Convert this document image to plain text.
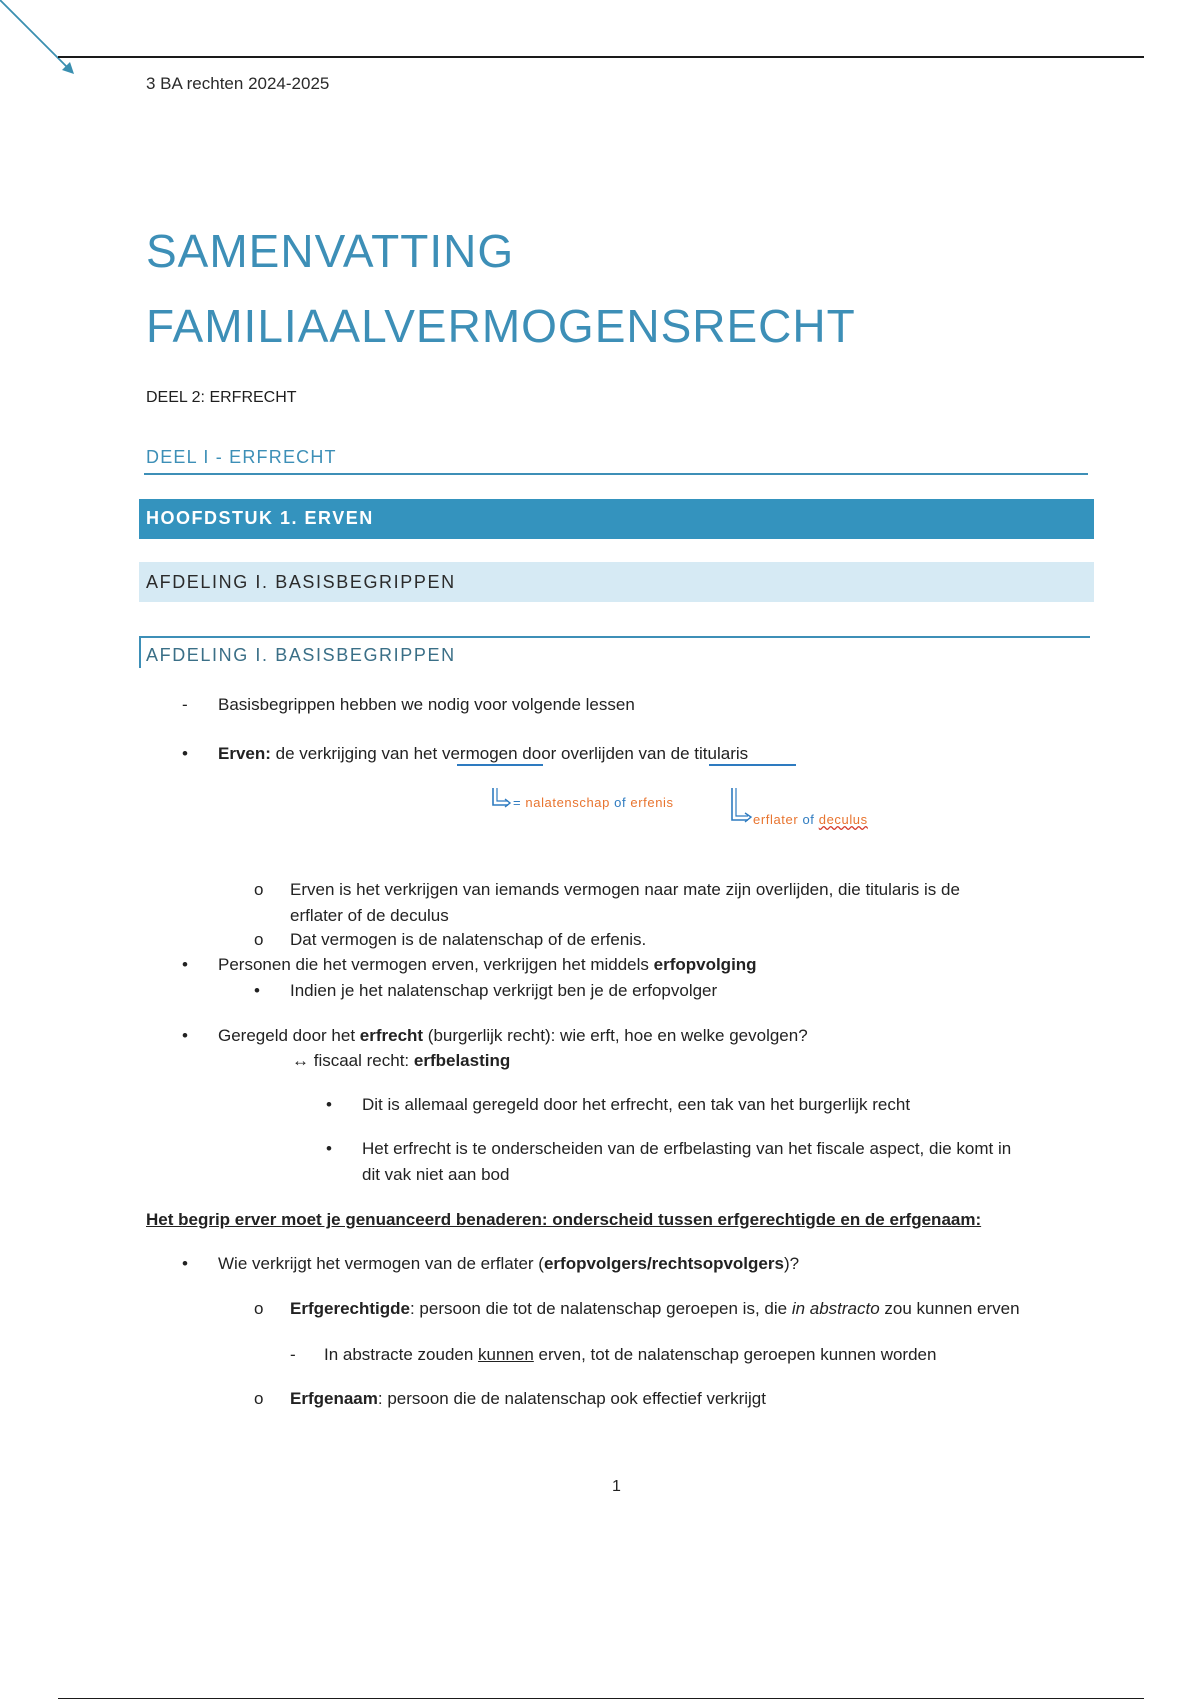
3 BA rechten 2024-2025
SAMENVATTING
FAMILIAALVERMOGENSRECHT
DEEL 2: ERFRECHT
DEEL I - ERFRECHT
HOOFDSTUK 1. ERVEN
AFDELING I. BASISBEGRIPPEN
AFDELING I. BASISBEGRIPPEN
- Basisbegrippen hebben we nodig voor volgende lessen
• Erven: de verkrijging van het vermogen door overlijden van de titularis
= nalatenschap of erfenis
erflater of deculus
o Erven is het verkrijgen van iemands vermogen naar mate zijn overlijden, die titularis is de
erflater of de deculus
o Dat vermogen is de nalatenschap of de erfenis.
• Personen die het vermogen erven, verkrijgen het middels erfopvolging
• Indien je het nalatenschap verkrijgt ben je de erfopvolger
• Geregeld door het erfrecht (burgerlijk recht): wie erft, hoe en welke gevolgen?
↔ fiscaal recht: erfbelasting
• Dit is allemaal geregeld door het erfrecht, een tak van het burgerlijk recht
• Het erfrecht is te onderscheiden van de erfbelasting van het fiscale aspect, die komt in
dit vak niet aan bod
Het begrip erver moet je genuanceerd benaderen: onderscheid tussen erfgerechtigde en de erfgenaam:
• Wie verkrijgt het vermogen van de erflater (erfopvolgers/rechtsopvolgers)?
o Erfgerechtigde: persoon die tot de nalatenschap geroepen is, die in abstracto zou kunnen erven
- In abstracte zouden kunnen erven, tot de nalatenschap geroepen kunnen worden
o Erfgenaam: persoon die de nalatenschap ook effectief verkrijgt
1
